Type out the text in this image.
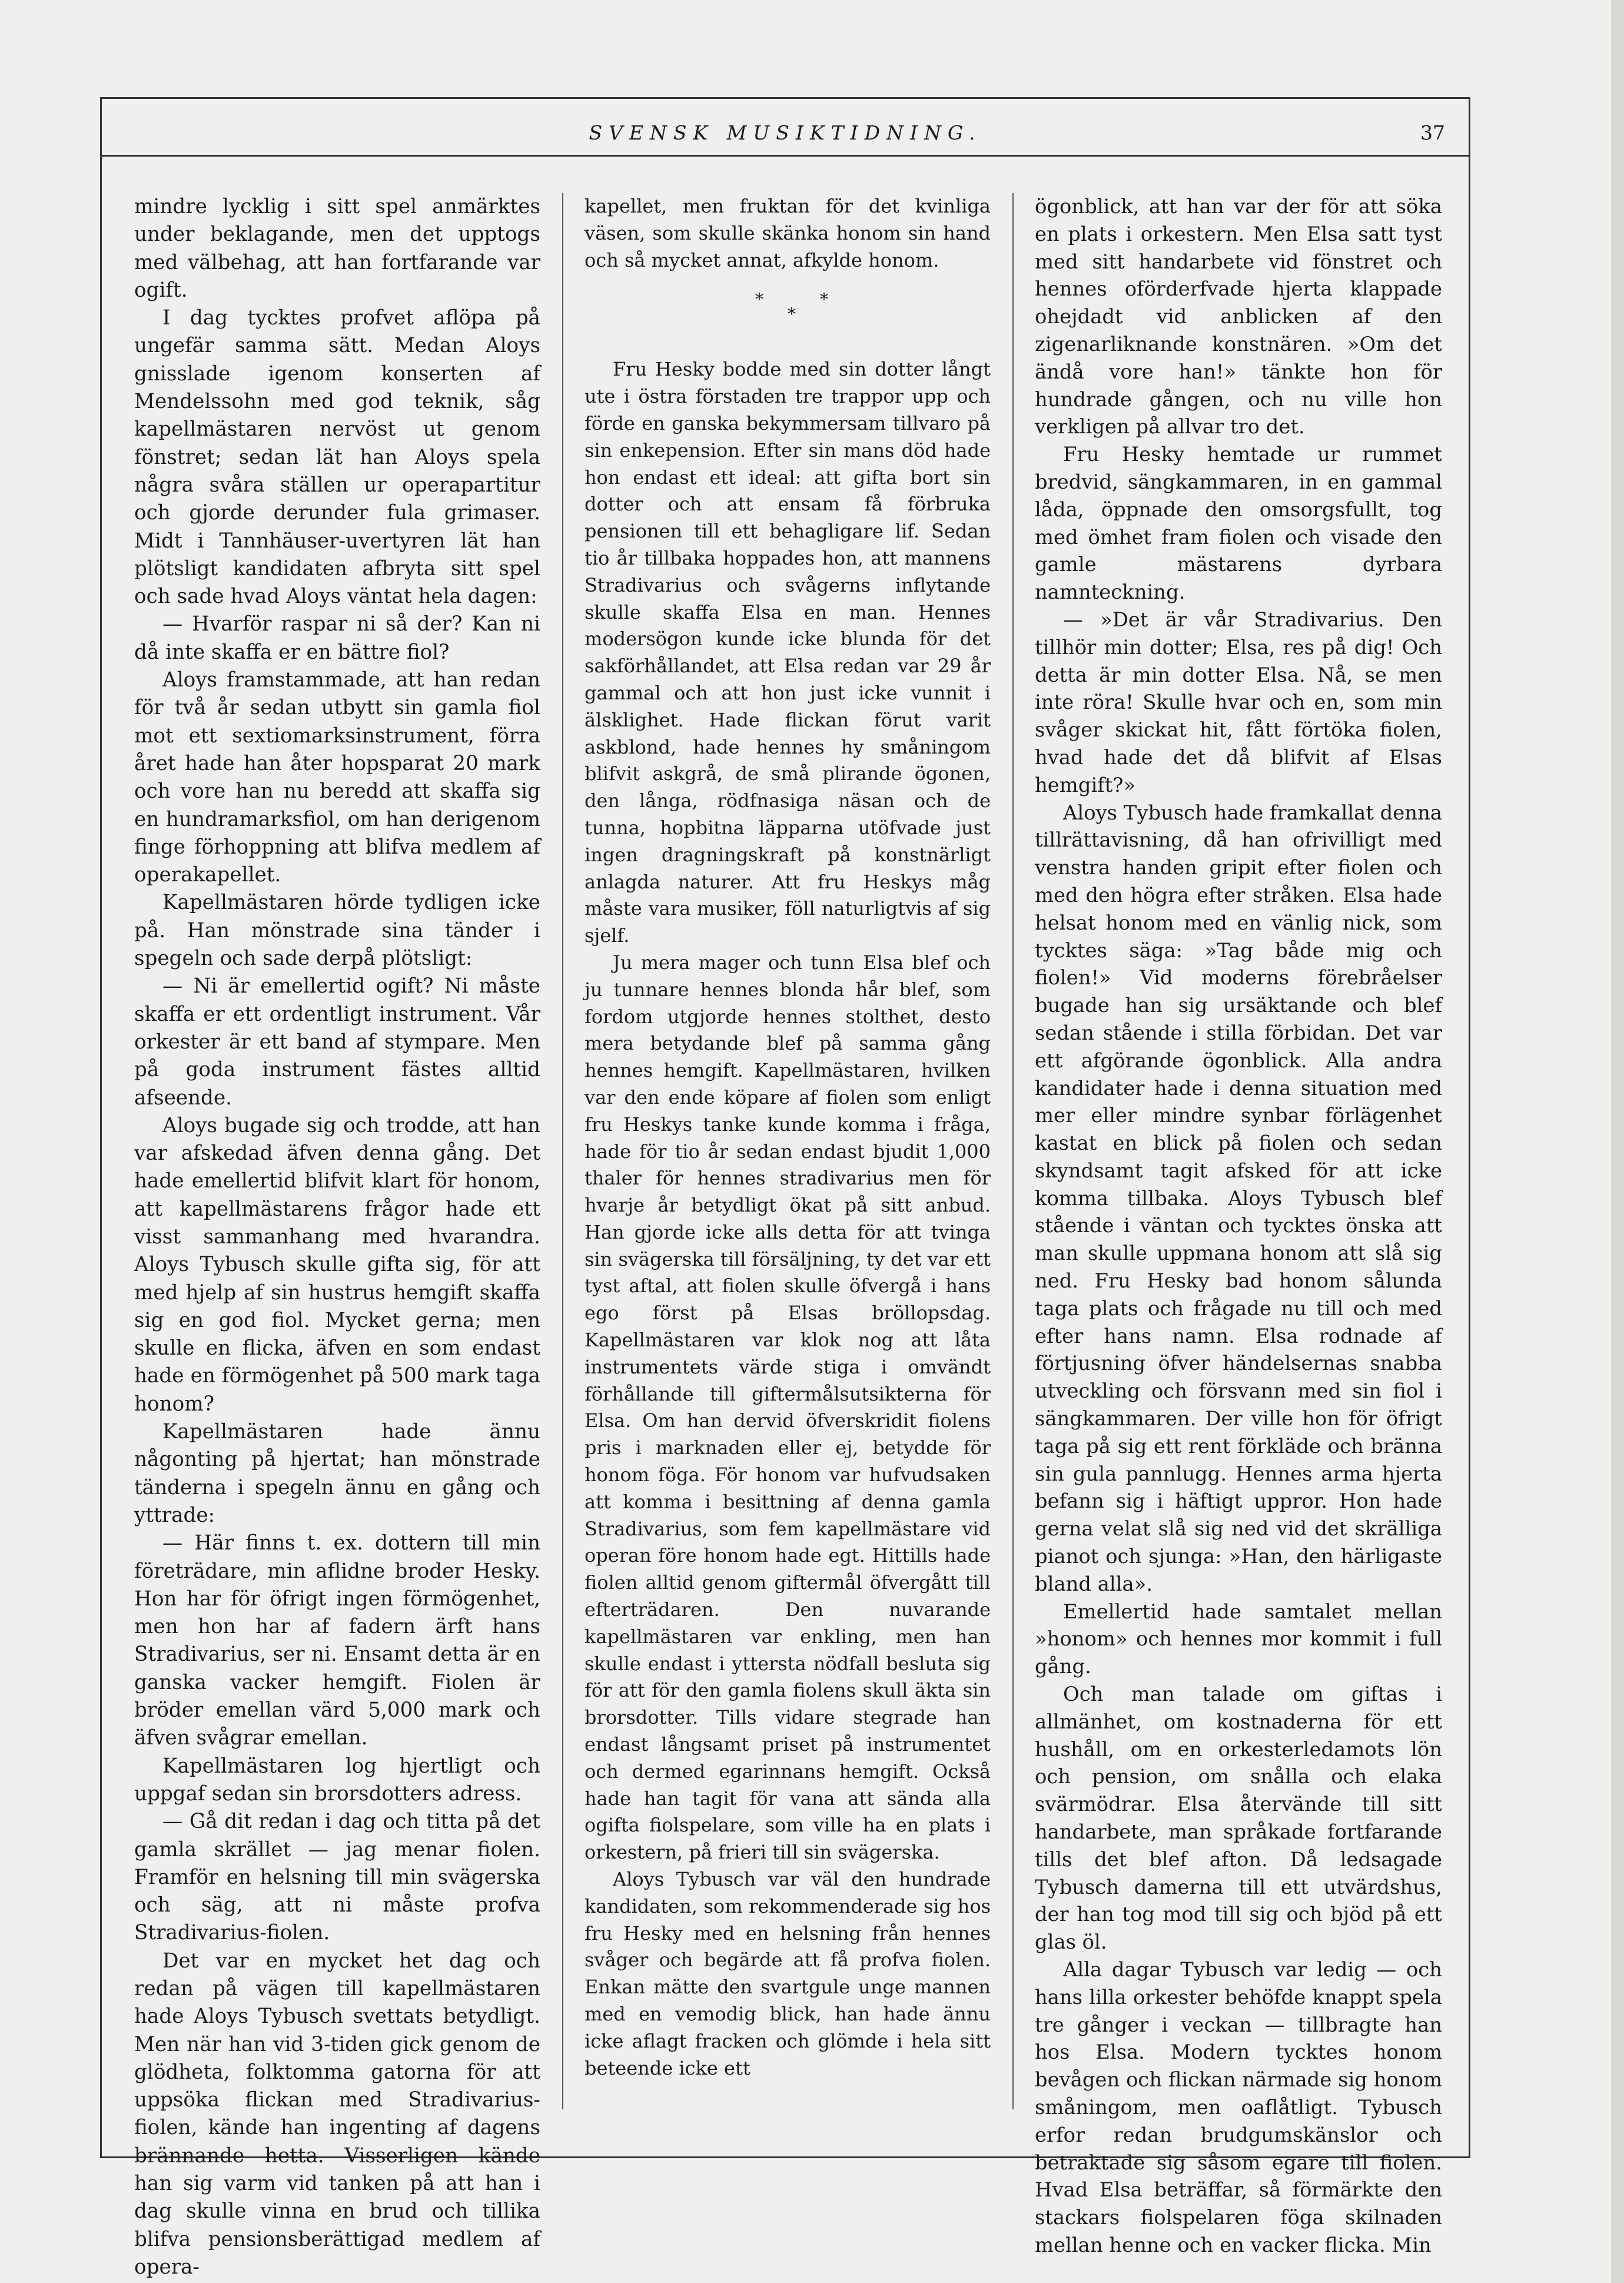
SVENSK MUSIKTIDNING.	37

mindre lycklig i sitt spel anmärktes under beklagande, men det upptogs med välbehag, att han fortfarande var ogift.

I dag tycktes profvet aflöpa på ungefär samma sätt. Medan Aloys gnisslade igenom konserten af Mendelssohn med god teknik, såg kapellmästaren nervöst ut genom fönstret; sedan lät han Aloys spela några svåra ställen ur operapartitur och gjorde derunder fula grimaser. Midt i Tannhäuser-uvertyren lät han plötsligt kandidaten afbryta sitt spel och sade hvad Aloys väntat hela dagen:

— Hvarför raspar ni så der? Kan ni då inte skaffa er en bättre fiol?

Aloys framstammade, att han redan för två år sedan utbytt sin gamla fiol mot ett sextiomarksinstrument, förra året hade han åter hopsparat 20 mark och vore han nu beredd att skaffa sig en hundramarksfiol, om han derigenom finge förhoppning att blifva medlem af operakapellet.

Kapellmästaren hörde tydligen icke på. Han mönstrade sina tänder i spegeln och sade derpå plötsligt:

— Ni är emellertid ogift? Ni måste skaffa er ett ordentligt instrument. Vår orkester är ett band af stympare. Men på goda instrument fästes alltid afseende.

Aloys bugade sig och trodde, att han var afskedad äfven denna gång. Det hade emellertid blifvit klart för honom, att kapellmästarens frågor hade ett visst sammanhang med hvarandra. Aloys Tybusch skulle gifta sig, för att med hjelp af sin hustrus hemgift skaffa sig en god fiol. Mycket gerna; men skulle en flicka, äfven en som endast hade en förmögenhet på 500 mark taga honom?

Kapellmästaren hade ännu någonting på hjertat; han mönstrade tänderna i spegeln ännu en gång och yttrade:

— Här finns t. ex. dottern till min företrädare, min aflidne broder Hesky. Hon har för öfrigt ingen förmögenhet, men hon har af fadern ärft hans Stradivarius, ser ni. Ensamt detta är en ganska vacker hemgift. Fiolen är bröder emellan värd 5,000 mark och äfven svågrar emellan.

Kapellmästaren log hjertligt och uppgaf sedan sin brorsdotters adress.

— Gå dit redan i dag och titta på det gamla skrället — jag menar fiolen. Framför en helsning till min svägerska och säg, att ni måste profva Stradivarius-fiolen.

Det var en mycket het dag och redan på vägen till kapellmästaren hade Aloys Tybusch svettats betydligt. Men när han vid 3-tiden gick genom de glödheta, folktomma gatorna för att uppsöka flickan med Stradivarius-fiolen, kände han ingenting af dagens brännande hetta. Visserligen kände han sig varm vid tanken på att han i dag skulle vinna en brud och tillika blifva pensionsberättigad medlem af opera-

kapellet, men fruktan för det kvinliga väsen, som skulle skänka honom sin hand och så mycket annat, afkylde honom.

*
*
*

Fru Hesky bodde med sin dotter långt ute i östra förstaden tre trappor upp och förde en ganska bekymmersam tillvaro på sin enkepension. Efter sin mans död hade hon endast ett ideal: att gifta bort sin dotter och att ensam få förbruka pensionen till ett behagligare lif. Sedan tio år tillbaka hoppades hon, att mannens Stradivarius och svågerns inflytande skulle skaffa Elsa en man. Hennes modersögon kunde icke blunda för det sakförhållandet, att Elsa redan var 29 år gammal och att hon just icke vunnit i älsklighet. Hade flickan förut varit askblond, hade hennes hy småningom blifvit askgrå, de små plirande ögonen, den långa, rödfnasiga näsan och de tunna, hopbitna läpparna utöfvade just ingen dragningskraft på konstnärligt anlagda naturer. Att fru Heskys måg måste vara musiker, föll naturligtvis af sig sjelf.

Ju mera mager och tunn Elsa blef och ju tunnare hennes blonda hår blef, som fordom utgjorde hennes stolthet, desto mera betydande blef på samma gång hennes hemgift. Kapellmästaren, hvilken var den ende köpare af fiolen som enligt fru Heskys tanke kunde komma i fråga, hade för tio år sedan endast bjudit 1,000 thaler för hennes stradivarius men för hvarje år betydligt ökat på sitt anbud. Han gjorde icke alls detta för att tvinga sin svägerska till försäljning, ty det var ett tyst aftal, att fiolen skulle öfvergå i hans ego först på Elsas bröllopsdag. Kapellmästaren var klok nog att låta instrumentets värde stiga i omvändt förhållande till giftermålsutsikterna för Elsa. Om han dervid öfverskridit fiolens pris i marknaden eller ej, betydde för honom föga. För honom var hufvudsaken att komma i besittning af denna gamla Stradivarius, som fem kapellmästare vid operan före honom hade egt. Hittills hade fiolen alltid genom giftermål öfvergått till efterträdaren. Den nuvarande kapellmästaren var enkling, men han skulle endast i yttersta nödfall besluta sig för att för den gamla fiolens skull äkta sin brorsdotter. Tills vidare stegrade han endast långsamt priset på instrumentet och dermed egarinnans hemgift. Också hade han tagit för vana att sända alla ogifta fiolspelare, som ville ha en plats i orkestern, på frieri till sin svägerska.

Aloys Tybusch var väl den hundrade kandidaten, som rekommenderade sig hos fru Hesky med en helsning från hennes svåger och begärde att få profva fiolen. Enkan mätte den svartgule unge mannen med en vemodig blick, han hade ännu icke aflagt fracken och glömde i hela sitt beteende icke ett

ögonblick, att han var der för att söka en plats i orkestern. Men Elsa satt tyst med sitt handarbete vid fönstret och hennes oförderfvade hjerta klappade ohejdadt vid anblicken af den zigenarliknande konstnären. »Om det ändå vore han!» tänkte hon för hundrade gången, och nu ville hon verkligen på allvar tro det.

Fru Hesky hemtade ur rummet bredvid, sängkammaren, in en gammal låda, öppnade den omsorgsfullt, tog med ömhet fram fiolen och visade den gamle mästarens dyrbara namnteckning.

— »Det är vår Stradivarius. Den tillhör min dotter; Elsa, res på dig! Och detta är min dotter Elsa. Nå, se men inte röra! Skulle hvar och en, som min svåger skickat hit, fått förtöka fiolen, hvad hade det då blifvit af Elsas hemgift?»

Aloys Tybusch hade framkallat denna tillrättavisning, då han ofrivilligt med venstra handen gripit efter fiolen och med den högra efter stråken. Elsa hade helsat honom med en vänlig nick, som tycktes säga: »Tag både mig och fiolen!» Vid moderns förebråelser bugade han sig ursäktande och blef sedan stående i stilla förbidan. Det var ett afgörande ögonblick. Alla andra kandidater hade i denna situation med mer eller mindre synbar förlägenhet kastat en blick på fiolen och sedan skyndsamt tagit afsked för att icke komma tillbaka. Aloys Tybusch blef stående i väntan och tycktes önska att man skulle uppmana honom att slå sig ned. Fru Hesky bad honom sålunda taga plats och frågade nu till och med efter hans namn. Elsa rodnade af förtjusning öfver händelsernas snabba utveckling och försvann med sin fiol i sängkammaren. Der ville hon för öfrigt taga på sig ett rent förkläde och bränna sin gula pannlugg. Hennes arma hjerta befann sig i häftigt uppror. Hon hade gerna velat slå sig ned vid det skrälliga pianot och sjunga: »Han, den härligaste bland alla».

Emellertid hade samtalet mellan »honom» och hennes mor kommit i full gång.

Och man talade om giftas i allmänhet, om kostnaderna för ett hushåll, om en orkesterledamots lön och pension, om snålla och elaka svärmödrar. Elsa återvände till sitt handarbete, man språkade fortfarande tills det blef afton. Då ledsagade Tybusch damerna till ett utvärdshus, der han tog mod till sig och bjöd på ett glas öl.

Alla dagar Tybusch var ledig — och hans lilla orkester behöfde knappt spela tre gånger i veckan — tillbragte han hos Elsa. Modern tycktes honom bevågen och flickan närmade sig honom småningom, men oaflåtligt. Tybusch erfor redan brudgumskänslor och betraktade sig såsom egare till fiolen. Hvad Elsa beträffar, så förmärkte den stackars fiolspelaren föga skilnaden mellan henne och en vacker flicka. Min
